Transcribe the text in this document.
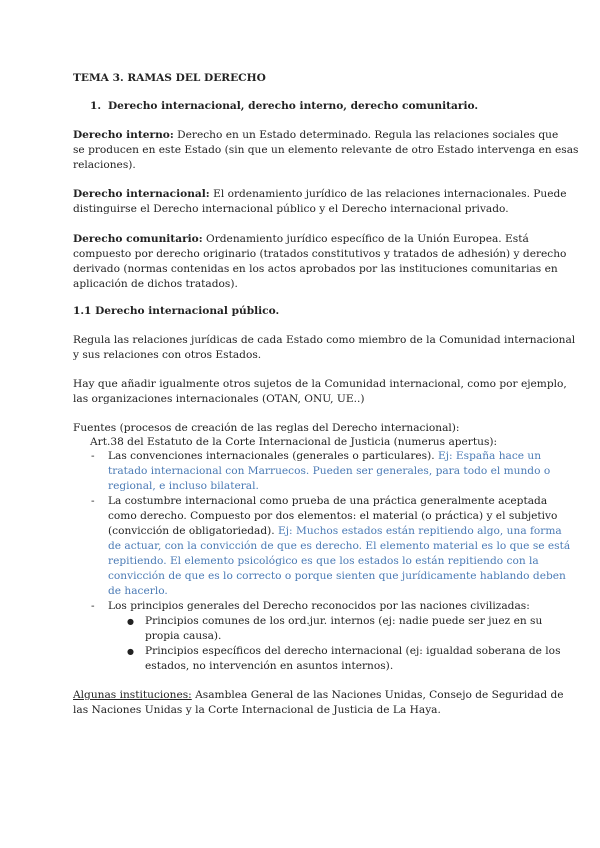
TEMA 3. RAMAS DEL DERECHO
1. Derecho internacional, derecho interno, derecho comunitario.
Derecho interno: Derecho en un Estado determinado. Regula las relaciones sociales que
se producen en este Estado (sin que un elemento relevante de otro Estado intervenga en esas
relaciones).
Derecho internacional: El ordenamiento jurídico de las relaciones internacionales. Puede
distinguirse el Derecho internacional público y el Derecho internacional privado.
Derecho comunitario: Ordenamiento jurídico específico de la Unión Europea. Está
compuesto por derecho originario (tratados constitutivos y tratados de adhesión) y derecho
derivado (normas contenidas en los actos aprobados por las instituciones comunitarias en
aplicación de dichos tratados).
1.1 Derecho internacional público.
Regula las relaciones jurídicas de cada Estado como miembro de la Comunidad internacional
y sus relaciones con otros Estados.
Hay que añadir igualmente otros sujetos de la Comunidad internacional, como por ejemplo,
las organizaciones internacionales (OTAN, ONU, UE..)
Fuentes (procesos de creación de las reglas del Derecho internacional):
Art.38 del Estatuto de la Corte Internacional de Justicia (numerus apertus):
- Las convenciones internacionales (generales o particulares). Ej: España hace un
tratado internacional con Marruecos. Pueden ser generales, para todo el mundo o
regional, e incluso bilateral.
- La costumbre internacional como prueba de una práctica generalmente aceptada
como derecho. Compuesto por dos elementos: el material (o práctica) y el subjetivo
(convicción de obligatoriedad). Ej: Muchos estados están repitiendo algo, una forma
de actuar, con la convicción de que es derecho. El elemento material es lo que se está
repitiendo. El elemento psicológico es que los estados lo están repitiendo con la
convicción de que es lo correcto o porque sienten que jurídicamente hablando deben
de hacerlo.
- Los principios generales del Derecho reconocidos por las naciones civilizadas:
● Principios comunes de los ord.jur. internos (ej: nadie puede ser juez en su
propia causa).
● Principios específicos del derecho internacional (ej: igualdad soberana de los
estados, no intervención en asuntos internos).
Algunas instituciones: Asamblea General de las Naciones Unidas, Consejo de Seguridad de
las Naciones Unidas y la Corte Internacional de Justicia de La Haya.
